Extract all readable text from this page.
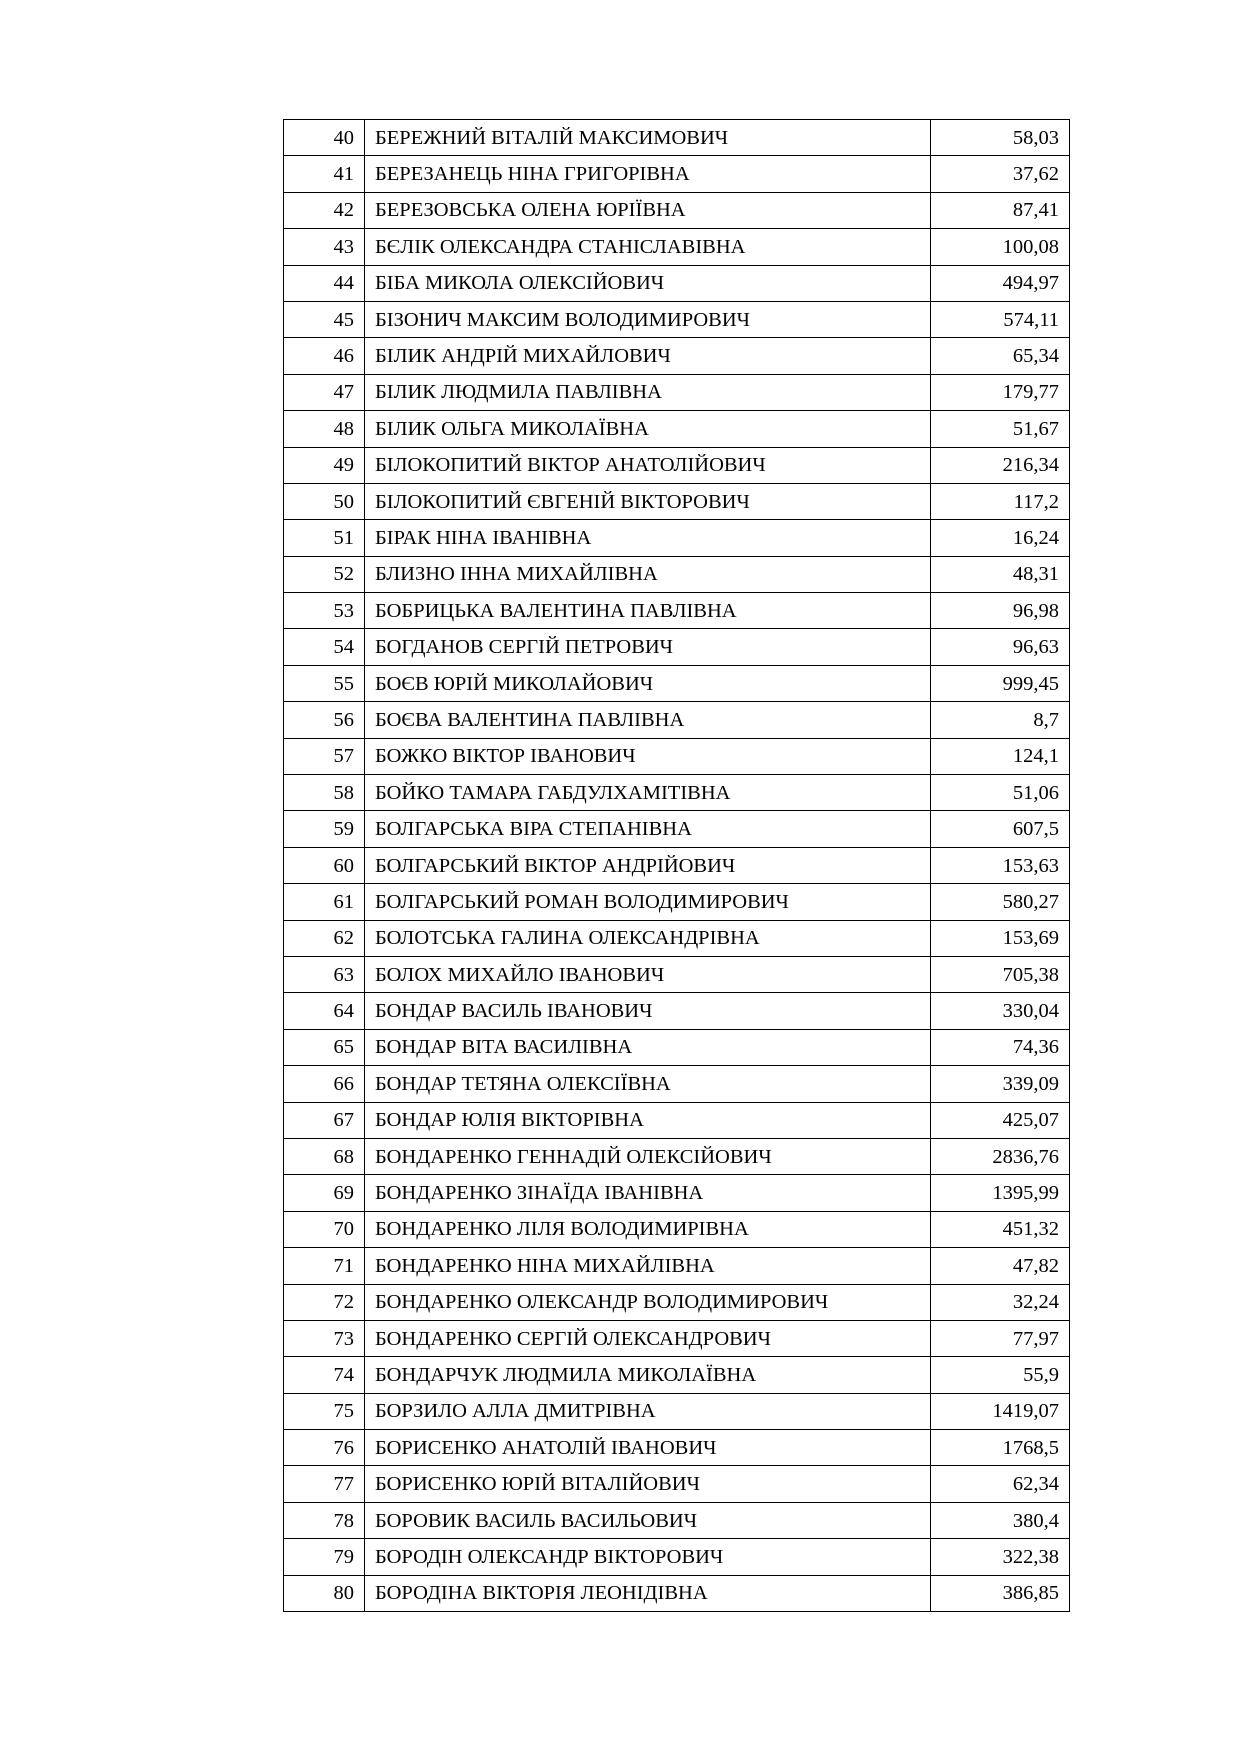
40	БЕРЕЖНИЙ ВІТАЛІЙ МАКСИМОВИЧ	58,03
41	БЕРЕЗАНЕЦЬ НІНА ГРИГОРІВНА	37,62
42	БЕРЕЗОВСЬКА ОЛЕНА ЮРІЇВНА	87,41
43	БЄЛІК ОЛЕКСАНДРА СТАНІСЛАВІВНА	100,08
44	БІБА МИКОЛА ОЛЕКСІЙОВИЧ	494,97
45	БІЗОНИЧ МАКСИМ ВОЛОДИМИРОВИЧ	574,11
46	БІЛИК АНДРІЙ МИХАЙЛОВИЧ	65,34
47	БІЛИК ЛЮДМИЛА ПАВЛІВНА	179,77
48	БІЛИК ОЛЬГА МИКОЛАЇВНА	51,67
49	БІЛОКОПИТИЙ ВІКТОР АНАТОЛІЙОВИЧ	216,34
50	БІЛОКОПИТИЙ ЄВГЕНІЙ ВІКТОРОВИЧ	117,2
51	БІРАК НІНА ІВАНІВНА	16,24
52	БЛИЗНО ІННА МИХАЙЛІВНА	48,31
53	БОБРИЦЬКА ВАЛЕНТИНА ПАВЛІВНА	96,98
54	БОГДАНОВ СЕРГІЙ ПЕТРОВИЧ	96,63
55	БОЄВ ЮРІЙ МИКОЛАЙОВИЧ	999,45
56	БОЄВА ВАЛЕНТИНА ПАВЛІВНА	8,7
57	БОЖКО ВІКТОР ІВАНОВИЧ	124,1
58	БОЙКО ТАМАРА ГАБДУЛХАМІТІВНА	51,06
59	БОЛГАРСЬКА ВІРА СТЕПАНІВНА	607,5
60	БОЛГАРСЬКИЙ ВІКТОР АНДРІЙОВИЧ	153,63
61	БОЛГАРСЬКИЙ РОМАН ВОЛОДИМИРОВИЧ	580,27
62	БОЛОТСЬКА ГАЛИНА ОЛЕКСАНДРІВНА	153,69
63	БОЛОХ МИХАЙЛО ІВАНОВИЧ	705,38
64	БОНДАР ВАСИЛЬ ІВАНОВИЧ	330,04
65	БОНДАР ВІТА ВАСИЛІВНА	74,36
66	БОНДАР ТЕТЯНА ОЛЕКСІЇВНА	339,09
67	БОНДАР ЮЛІЯ ВІКТОРІВНА	425,07
68	БОНДАРЕНКО ГЕННАДІЙ ОЛЕКСІЙОВИЧ	2836,76
69	БОНДАРЕНКО ЗІНАЇДА ІВАНІВНА	1395,99
70	БОНДАРЕНКО ЛІЛЯ ВОЛОДИМИРІВНА	451,32
71	БОНДАРЕНКО НІНА МИХАЙЛІВНА	47,82
72	БОНДАРЕНКО ОЛЕКСАНДР ВОЛОДИМИРОВИЧ	32,24
73	БОНДАРЕНКО СЕРГІЙ ОЛЕКСАНДРОВИЧ	77,97
74	БОНДАРЧУК ЛЮДМИЛА МИКОЛАЇВНА	55,9
75	БОРЗИЛО АЛЛА ДМИТРІВНА	1419,07
76	БОРИСЕНКО АНАТОЛІЙ ІВАНОВИЧ	1768,5
77	БОРИСЕНКО ЮРІЙ ВІТАЛІЙОВИЧ	62,34
78	БОРОВИК ВАСИЛЬ ВАСИЛЬОВИЧ	380,4
79	БОРОДІН ОЛЕКСАНДР ВІКТОРОВИЧ	322,38
80	БОРОДІНА ВІКТОРІЯ ЛЕОНІДІВНА	386,85
